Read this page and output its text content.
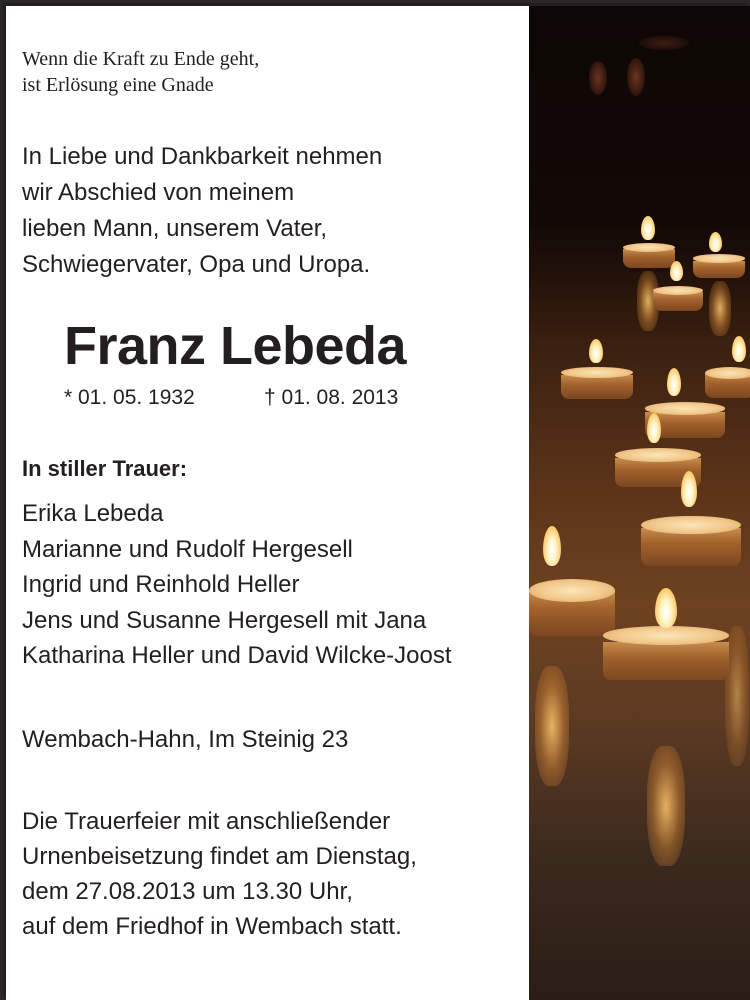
Wenn die Kraft zu Ende geht,
ist Erlösung eine Gnade
In Liebe und Dankbarkeit nehmen
wir Abschied von meinem
lieben Mann, unserem Vater,
Schwiegervater, Opa und Uropa.
Franz Lebeda
* 01. 05. 1932	† 01. 08. 2013
In stiller Trauer:
Erika Lebeda
Marianne und Rudolf Hergesell
Ingrid und Reinhold Heller
Jens und Susanne Hergesell mit Jana
Katharina Heller und David Wilcke-Joost
Wembach-Hahn, Im Steinig 23
Die Trauerfeier mit anschließender
Urnenbeisetzung findet am Dienstag,
dem 27.08.2013 um 13.30 Uhr,
auf dem Friedhof in Wembach statt.
